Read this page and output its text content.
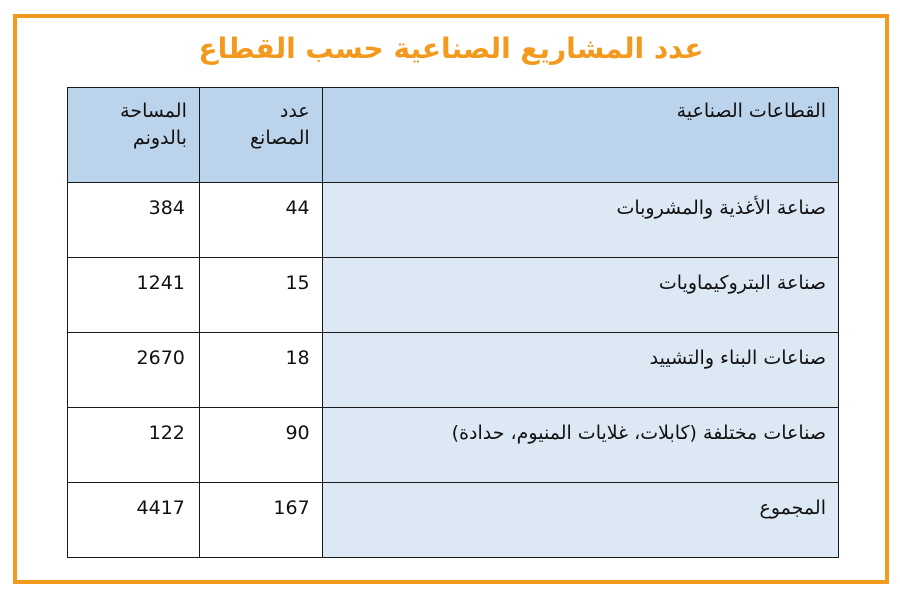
عدد المشاريع الصناعية حسب القطاع
القطاعات الصناعية	عدد المصانع	المساحة بالدونم
صناعة الأغذية والمشروبات	44	384
صناعة البتروكيماويات	15	1241
صناعات البناء والتشييد	18	2670
صناعات مختلفة (كابلات، غلايات المنيوم، حدادة)	90	122
المجموع	167	4417
